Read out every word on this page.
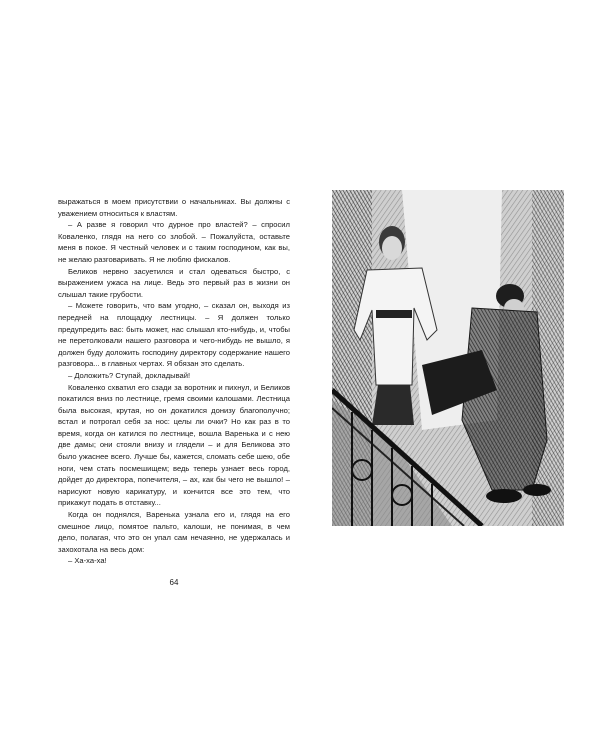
выражаться в моем присутствии о начальниках. Вы должны с уважением относиться к властям.

– А разве я говорил что дурное про властей? – спросил Коваленко, глядя на него со злобой. – Пожалуйста, оставьте меня в покое. Я честный человек и с таким господином, как вы, не желаю разговаривать. Я не люблю фискалов.

Беликов нервно засуетился и стал одеваться быстро, с выражением ужаса на лице. Ведь это первый раз в жизни он слышал такие грубости.

– Можете говорить, что вам угодно, – сказал он, выходя из передней на площадку лестницы. – Я должен только предупредить вас: быть может, нас слышал кто-нибудь, и, чтобы не перетолковали нашего разговора и чего-нибудь не вышло, я должен буду доложить господину директору содержание нашего разговора... в главных чертах. Я обязан это сделать.

– Доложить? Ступай, докладывай!

Коваленко схватил его сзади за воротник и пихнул, и Беликов покатился вниз по лестнице, гремя своими калошами. Лестница была высокая, крутая, но он докатился донизу благополучно; встал и потрогал себя за нос: целы ли очки? Но как раз в то время, когда он катился по лестнице, вошла Варенька и с нею две дамы; они стояли внизу и глядели – и для Беликова это было ужаснее всего. Лучше бы, кажется, сломать себе шею, обе ноги, чем стать посмешищем; ведь теперь узнает весь город, дойдет до директора, попечителя, – ах, как бы чего не вышло! – нарисуют новую карикатуру, и кончится все это тем, что прикажут подать в отставку...

Когда он поднялся, Варенька узнала его и, глядя на его смешное лицо, помятое пальто, калоши, не понимая, в чем дело, полагая, что это он упал сам нечаянно, не удержалась и захохотала на весь дом:

– Ха-ха-ха!

64
